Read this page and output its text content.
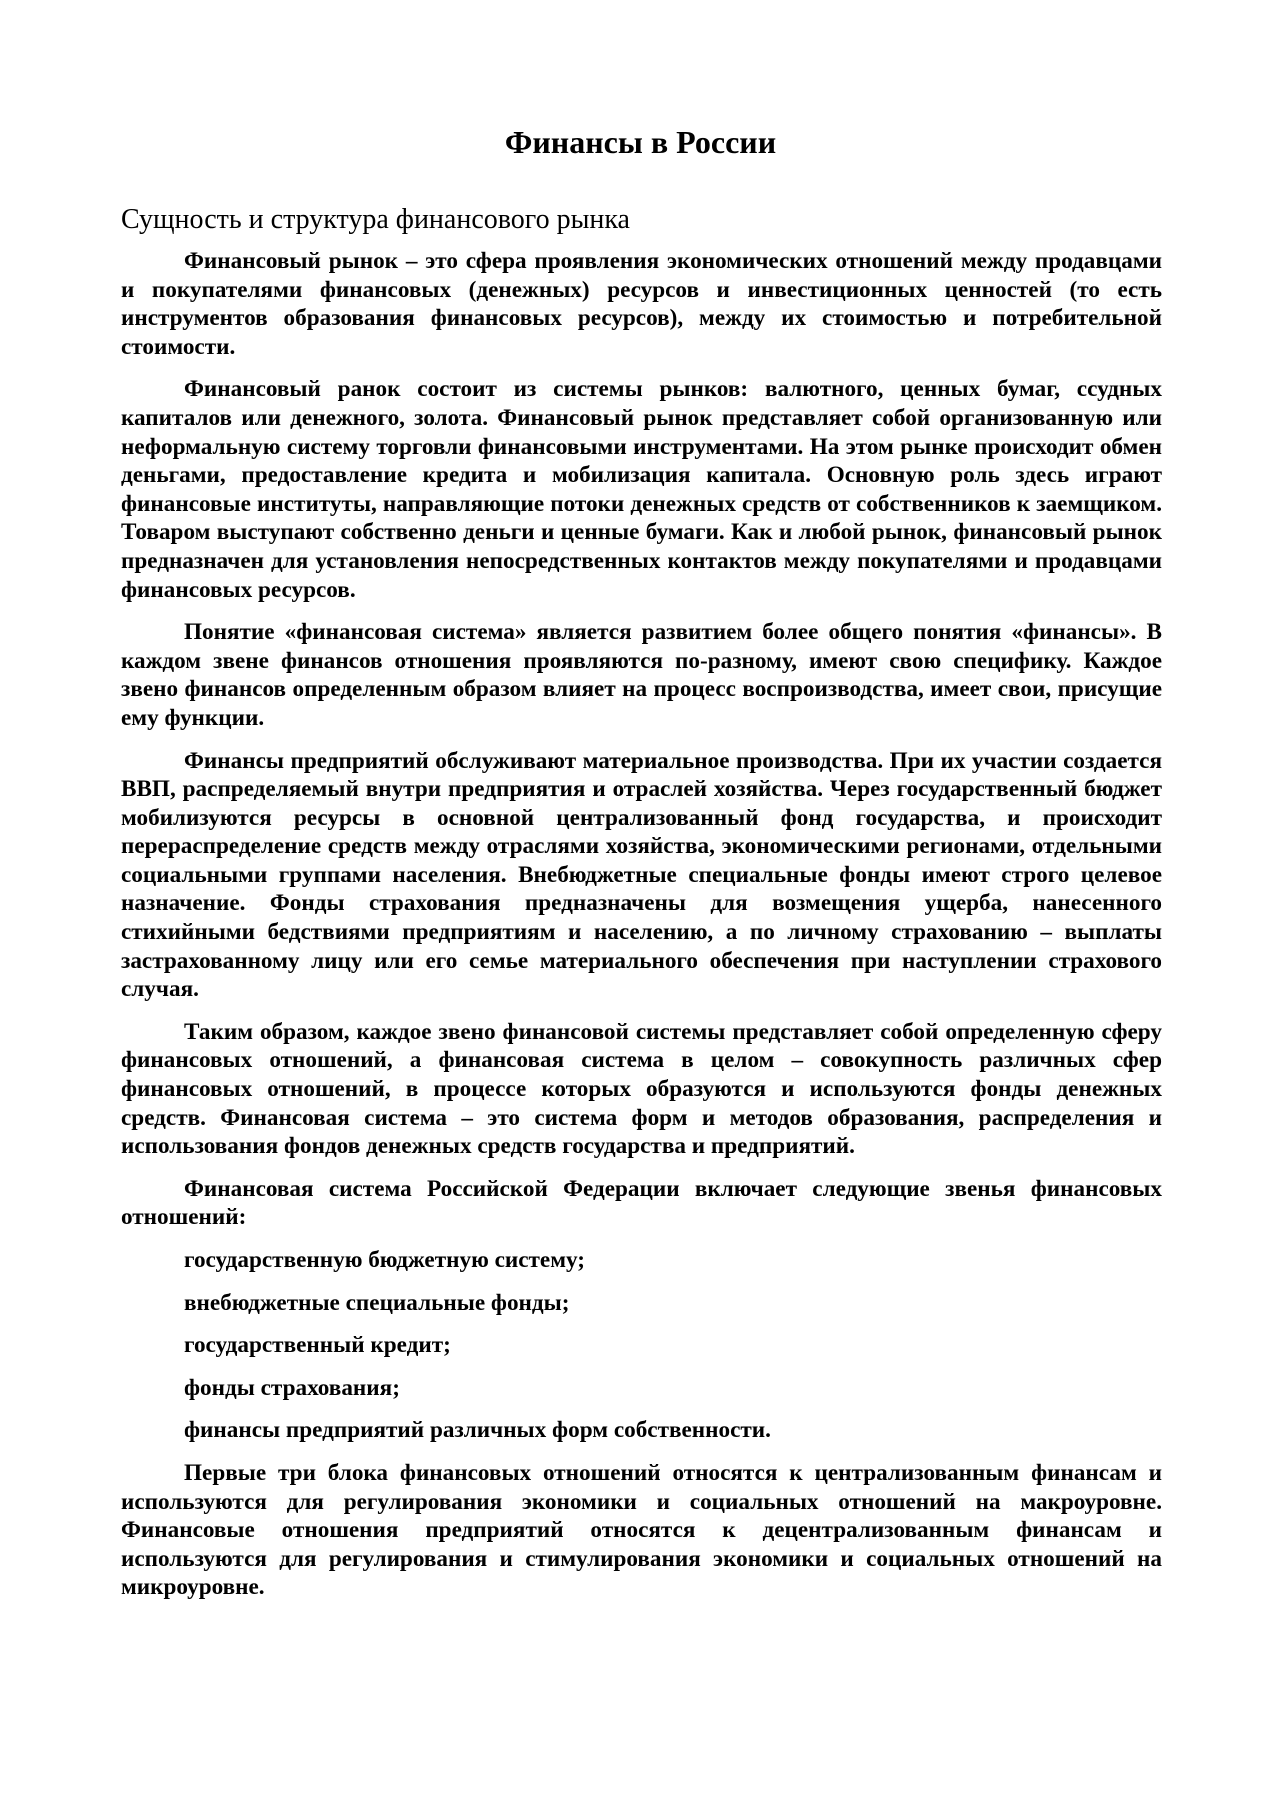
Финансы в России
Сущность и структура финансового рынка

Финансовый рынок – это сфера проявления экономических отношений между продавцами и покупателями финансовых (денежных) ресурсов и инвестиционных ценностей (то есть инструментов образования финансовых ресурсов), между их стоимостью и потребительной стоимости.

Финансовый ранок состоит из системы рынков: валютного, ценных бумаг, ссудных капиталов или денежного, золота. Финансовый рынок представляет собой организованную или неформальную систему торговли финансовыми инструментами. На этом рынке происходит обмен деньгами, предоставление кредита и мобилизация капитала. Основную роль здесь играют финансовые институты, направляющие потоки денежных средств от собственников к заемщиком. Товаром выступают собственно деньги и ценные бумаги. Как и любой рынок, финансовый рынок предназначен для установления непосредственных контактов между покупателями и продавцами финансовых ресурсов.

Понятие «финансовая система» является развитием более общего понятия «финансы». В каждом звене финансов отношения проявляются по-разному, имеют свою специфику. Каждое звено финансов определенным образом влияет на процесс воспроизводства, имеет свои, присущие ему функции.

Финансы предприятий обслуживают материальное производства. При их участии создается ВВП, распределяемый внутри предприятия и отраслей хозяйства. Через государственный бюджет мобилизуются ресурсы в основной централизованный фонд государства, и происходит перераспределение средств между отраслями хозяйства, экономическими регионами, отдельными социальными группами населения. Внебюджетные специальные фонды имеют строго целевое назначение. Фонды страхования предназначены для возмещения ущерба, нанесенного стихийными бедствиями предприятиям и населению, а по личному страхованию – выплаты застрахованному лицу или его семье материального обеспечения при наступлении страхового случая.

Таким образом, каждое звено финансовой системы представляет собой определенную сферу финансовых отношений, а финансовая система в целом – совокупность различных сфер финансовых отношений, в процессе которых образуются и используются фонды денежных средств. Финансовая система – это система форм и методов образования, распределения и использования фондов денежных средств государства и предприятий.

Финансовая система Российской Федерации включает следующие звенья финансовых отношений:

государственную бюджетную систему;

внебюджетные специальные фонды;

государственный кредит;

фонды страхования;

финансы предприятий различных форм собственности.

Первые три блока финансовых отношений относятся к централизованным финансам и используются для регулирования экономики и социальных отношений на макроуровне. Финансовые отношения предприятий относятся к децентрализованным финансам и используются для регулирования и стимулирования экономики и социальных отношений на микроуровне.
